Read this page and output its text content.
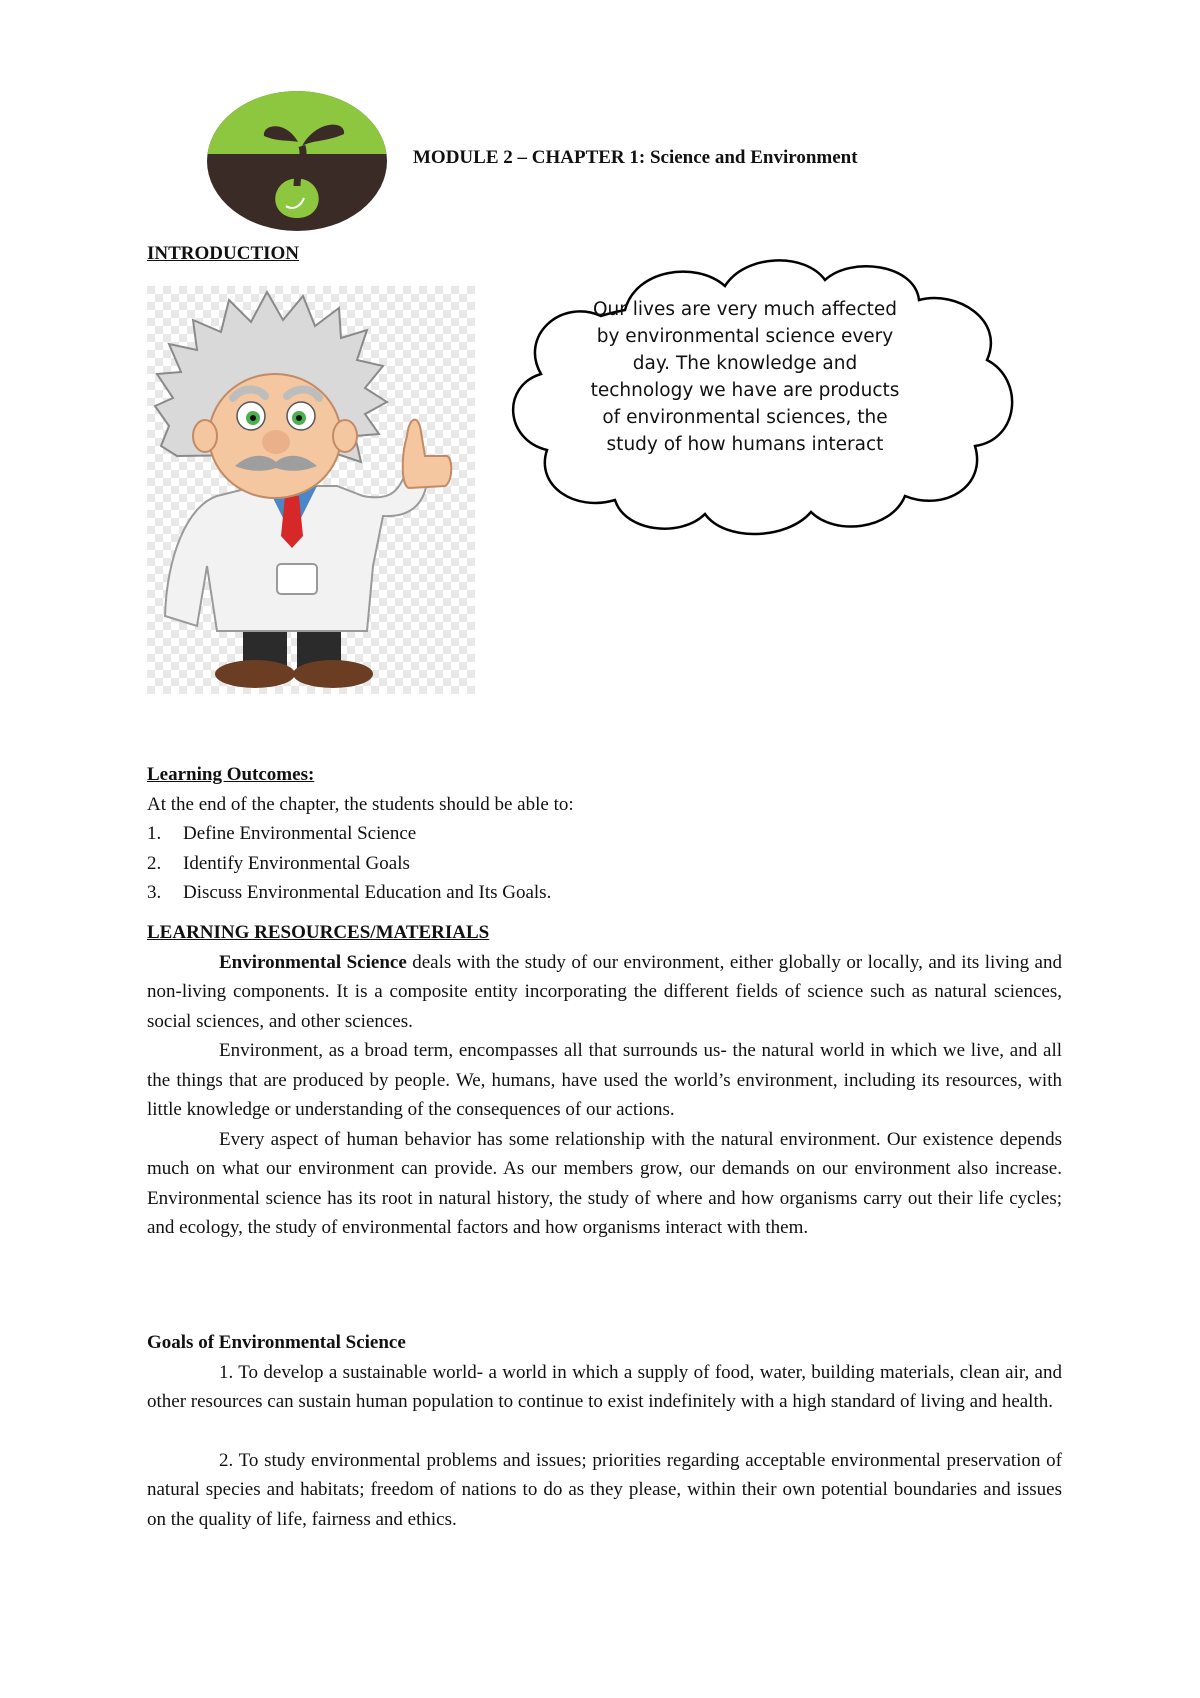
MODULE 2 – CHAPTER 1: Science and Environment
INTRODUCTION
Our lives are very much affected by environmental science every day. The knowledge and technology we have are products of environmental sciences, the study of how humans interact
Learning Outcomes:
At the end of the chapter, the students should be able to:
1.	Define Environmental Science
2.	Identify Environmental Goals
3.	Discuss Environmental Education and Its Goals.
LEARNING RESOURCES/MATERIALS

Environmental Science deals with the study of our environment, either globally or locally, and its living and non-living components. It is a composite entity incorporating the different fields of science such as natural sciences, social sciences, and other sciences.

Environment, as a broad term, encompasses all that surrounds us- the natural world in which we live, and all the things that are produced by people. We, humans, have used the world’s environment, including its resources, with little knowledge or understanding of the consequences of our actions.

Every aspect of human behavior has some relationship with the natural environment. Our existence depends much on what our environment can provide. As our members grow, our demands on our environment also increase. Environmental science has its root in natural history, the study of where and how organisms carry out their life cycles; and ecology, the study of environmental factors and how organisms interact with them.

Goals of Environmental Science

1. To develop a sustainable world- a world in which a supply of food, water, building materials, clean air, and other resources can sustain human population to continue to exist indefinitely with a high standard of living and health.

2. To study environmental problems and issues; priorities regarding acceptable environmental preservation of natural species and habitats; freedom of nations to do as they please, within their own potential boundaries and issues on the quality of life, fairness and ethics.
